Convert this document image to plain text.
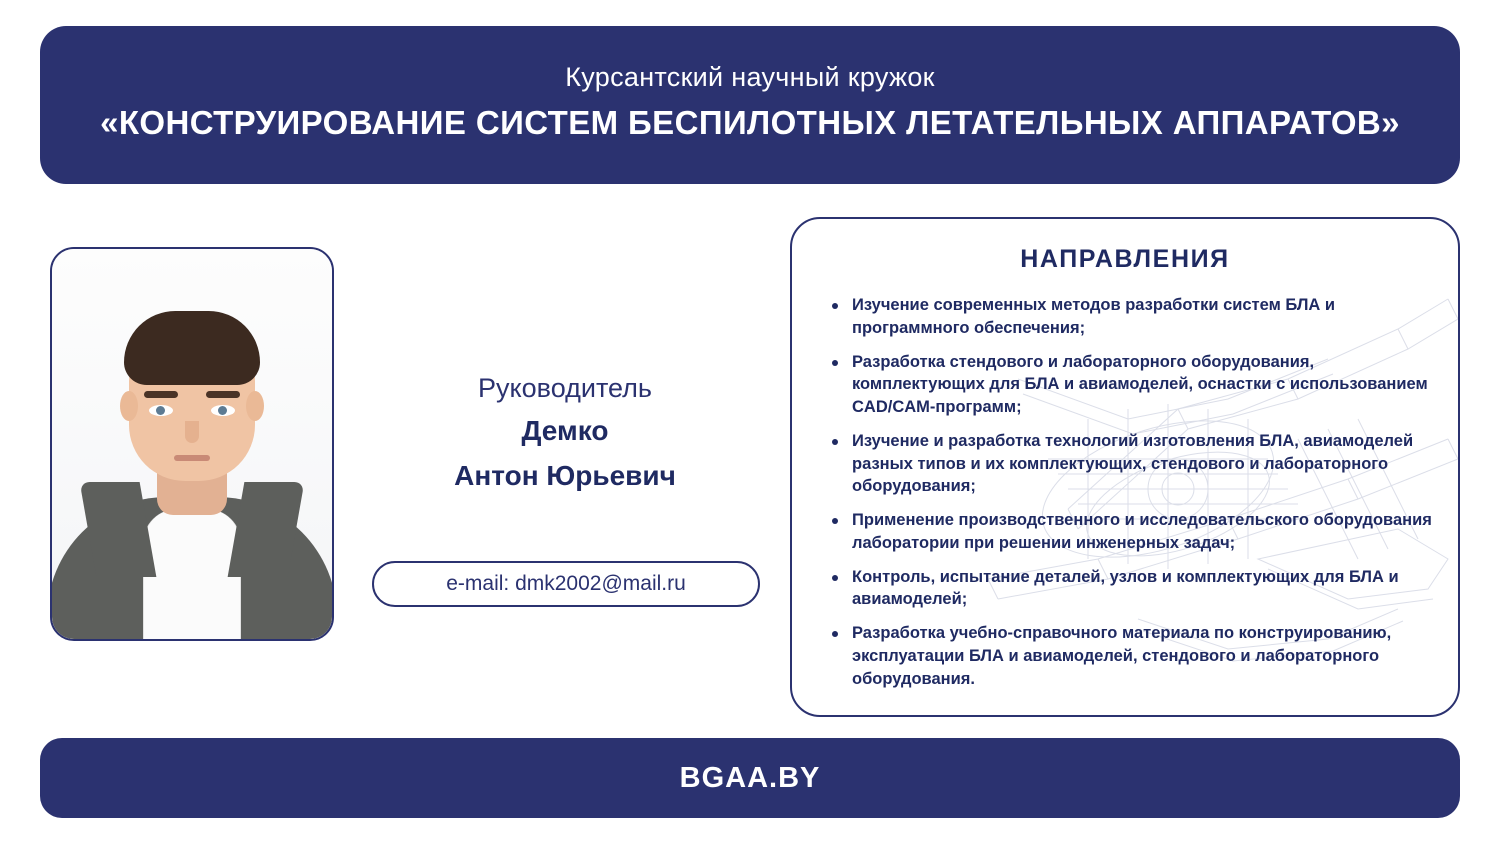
Курсантский научный кружок
«КОНСТРУИРОВАНИЕ СИСТЕМ БЕСПИЛОТНЫХ ЛЕТАТЕЛЬНЫХ АППАРАТОВ»
Руководитель
Демко
Антон Юрьевич
e-mail: dmk2002@mail.ru
НАПРАВЛЕНИЯ
Изучение современных методов разработки систем БЛА и программного обеспечения;
Разработка стендового и лабораторного оборудования, комплектующих для БЛА и авиамоделей, оснастки с использованием CAD/CAM-программ;
Изучение и разработка технологий изготовления БЛА, авиамоделей разных типов и их комплектующих, стендового и лабораторного оборудования;
Применение производственного и исследовательского оборудования лаборатории при решении инженерных задач;
Контроль, испытание деталей, узлов и комплектующих для БЛА и авиамоделей;
Разработка учебно-справочного материала по конструированию, эксплуатации БЛА и авиамоделей, стендового и лабораторного оборудования.
BGAA.BY
